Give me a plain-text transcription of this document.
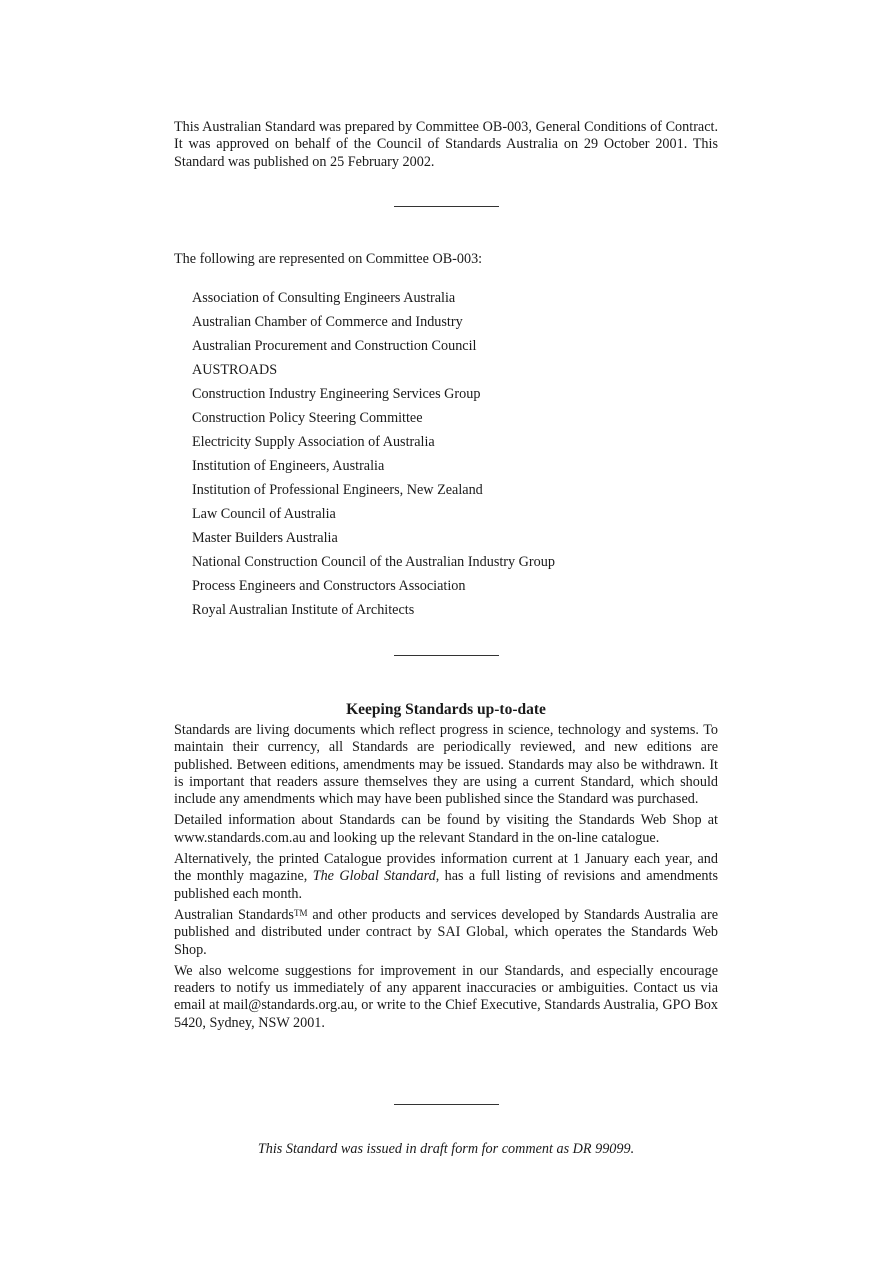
This Australian Standard was prepared by Committee OB-003, General Conditions of Contract. It was approved on behalf of the Council of Standards Australia on 29 October 2001. This Standard was published on 25 February 2002.

The following are represented on Committee OB-003:

Association of Consulting Engineers Australia
Australian Chamber of Commerce and Industry
Australian Procurement and Construction Council
AUSTROADS
Construction Industry Engineering Services Group
Construction Policy Steering Committee
Electricity Supply Association of Australia
Institution of Engineers, Australia
Institution of Professional Engineers, New Zealand
Law Council of Australia
Master Builders Australia
National Construction Council of the Australian Industry Group
Process Engineers and Constructors Association
Royal Australian Institute of Architects
Keeping Standards up-to-date

Standards are living documents which reflect progress in science, technology and systems. To maintain their currency, all Standards are periodically reviewed, and new editions are published. Between editions, amendments may be issued. Standards may also be withdrawn. It is important that readers assure themselves they are using a current Standard, which should include any amendments which may have been published since the Standard was purchased.

Detailed information about Standards can be found by visiting the Standards Web Shop at www.standards.com.au and looking up the relevant Standard in the on-line catalogue.

Alternatively, the printed Catalogue provides information current at 1 January each year, and the monthly magazine, The Global Standard, has a full listing of revisions and amendments published each month.

Australian Standards™ and other products and services developed by Standards Australia are published and distributed under contract by SAI Global, which operates the Standards Web Shop.

We also welcome suggestions for improvement in our Standards, and especially encourage readers to notify us immediately of any apparent inaccuracies or ambiguities. Contact us via email at mail@standards.org.au, or write to the Chief Executive, Standards Australia, GPO Box 5420, Sydney, NSW 2001.

This Standard was issued in draft form for comment as DR 99099.
